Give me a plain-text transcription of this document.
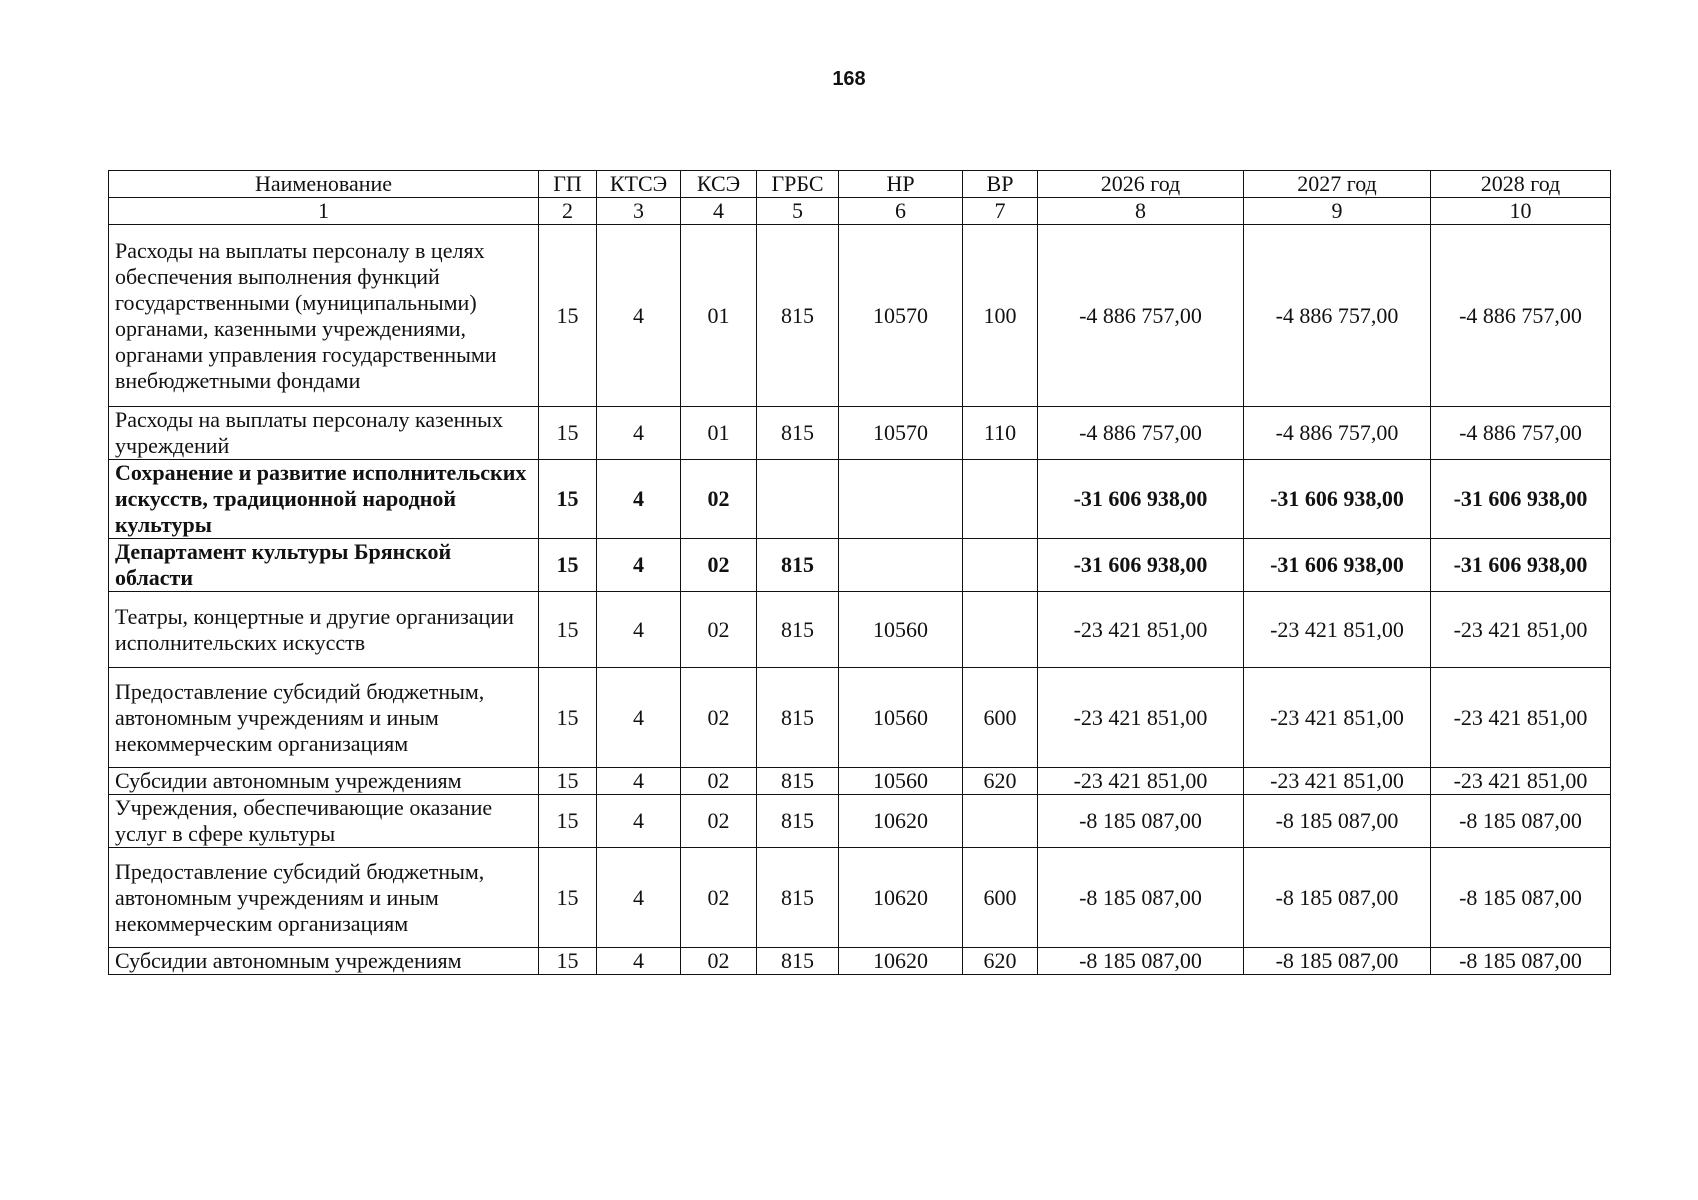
168
Наименование	ГП	КТСЭ	КСЭ	ГРБС	НР	ВР	2026 год	2027 год	2028 год
1	2	3	4	5	6	7	8	9	10
Расходы на выплаты персоналу в целях обеспечения выполнения функций государственными (муниципальными) органами, казенными учреждениями, органами управления государственными внебюджетными фондами	15	4	01	815	10570	100	-4 886 757,00	-4 886 757,00	-4 886 757,00
Расходы на выплаты персоналу казенных учреждений	15	4	01	815	10570	110	-4 886 757,00	-4 886 757,00	-4 886 757,00
Сохранение и развитие исполнительских искусств, традиционной народной культуры	15	4	02				-31 606 938,00	-31 606 938,00	-31 606 938,00
Департамент культуры Брянской области	15	4	02	815			-31 606 938,00	-31 606 938,00	-31 606 938,00
Театры, концертные и другие организации исполнительских искусств	15	4	02	815	10560		-23 421 851,00	-23 421 851,00	-23 421 851,00
Предоставление субсидий бюджетным, автономным учреждениям и иным некоммерческим организациям	15	4	02	815	10560	600	-23 421 851,00	-23 421 851,00	-23 421 851,00
Субсидии автономным учреждениям	15	4	02	815	10560	620	-23 421 851,00	-23 421 851,00	-23 421 851,00
Учреждения, обеспечивающие оказание услуг в сфере культуры	15	4	02	815	10620		-8 185 087,00	-8 185 087,00	-8 185 087,00
Предоставление субсидий бюджетным, автономным учреждениям и иным некоммерческим организациям	15	4	02	815	10620	600	-8 185 087,00	-8 185 087,00	-8 185 087,00
Субсидии автономным учреждениям	15	4	02	815	10620	620	-8 185 087,00	-8 185 087,00	-8 185 087,00
